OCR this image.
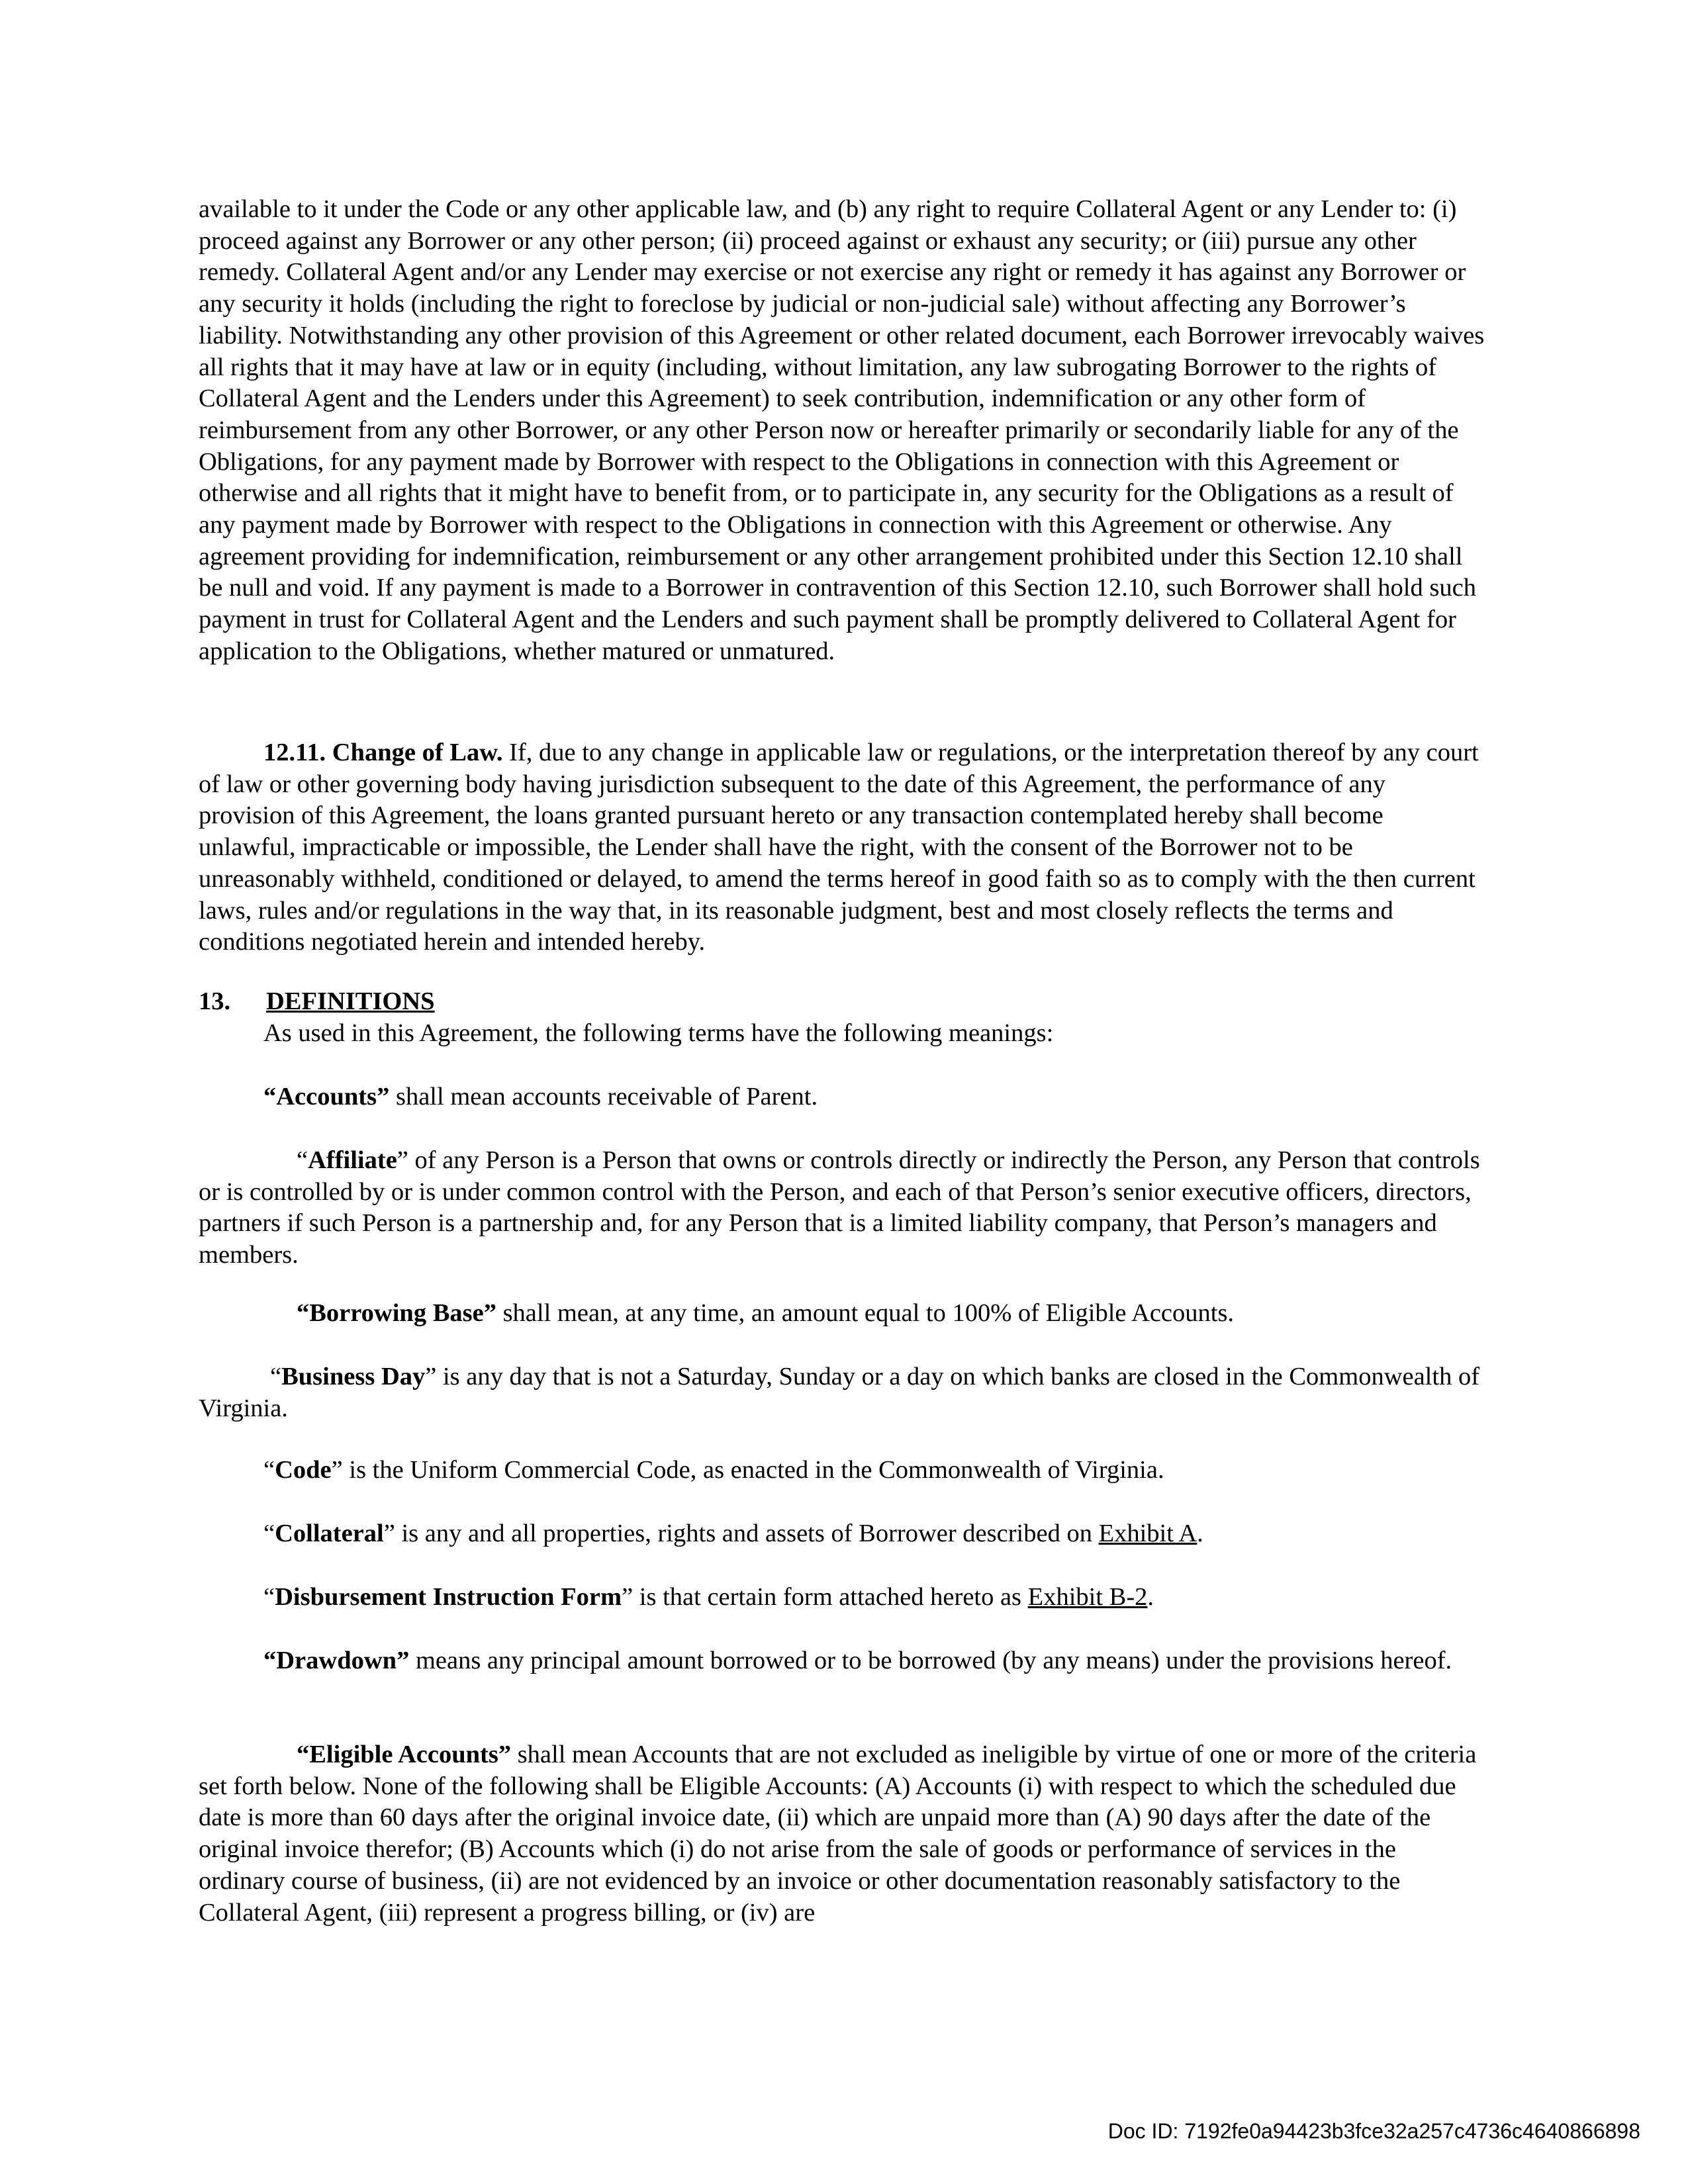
available to it under the Code or any other applicable law, and (b) any right to require Collateral Agent or any Lender to: (i) proceed against any Borrower or any other person; (ii) proceed against or exhaust any security; or (iii) pursue any other remedy. Collateral Agent and/or any Lender may exercise or not exercise any right or remedy it has against any Borrower or any security it holds (including the right to foreclose by judicial or non-judicial sale) without affecting any Borrower’s liability. Notwithstanding any other provision of this Agreement or other related document, each Borrower irrevocably waives all rights that it may have at law or in equity (including, without limitation, any law subrogating Borrower to the rights of Collateral Agent and the Lenders under this Agreement) to seek contribution, indemnification or any other form of reimbursement from any other Borrower, or any other Person now or hereafter primarily or secondarily liable for any of the Obligations, for any payment made by Borrower with respect to the Obligations in connection with this Agreement or otherwise and all rights that it might have to benefit from, or to participate in, any security for the Obligations as a result of any payment made by Borrower with respect to the Obligations in connection with this Agreement or otherwise. Any agreement providing for indemnification, reimbursement or any other arrangement prohibited under this Section 12.10 shall be null and void. If any payment is made to a Borrower in contravention of this Section 12.10, such Borrower shall hold such payment in trust for Collateral Agent and the Lenders and such payment shall be promptly delivered to Collateral Agent for application to the Obligations, whether matured or unmatured.

12.11. Change of Law. If, due to any change in applicable law or regulations, or the interpretation thereof by any court of law or other governing body having jurisdiction subsequent to the date of this Agreement, the performance of any provision of this Agreement, the loans granted pursuant hereto or any transaction contemplated hereby shall become unlawful, impracticable or impossible, the Lender shall have the right, with the consent of the Borrower not to be unreasonably withheld, conditioned or delayed, to amend the terms hereof in good faith so as to comply with the then current laws, rules and/or regulations in the way that, in its reasonable judgment, best and most closely reflects the terms and conditions negotiated herein and intended hereby.

13. DEFINITIONS

As used in this Agreement, the following terms have the following meanings:

“Accounts” shall mean accounts receivable of Parent.

“Affiliate” of any Person is a Person that owns or controls directly or indirectly the Person, any Person that controls or is controlled by or is under common control with the Person, and each of that Person’s senior executive officers, directors, partners if such Person is a partnership and, for any Person that is a limited liability company, that Person’s managers and members.

“Borrowing Base” shall mean, at any time, an amount equal to 100% of Eligible Accounts.

“Business Day” is any day that is not a Saturday, Sunday or a day on which banks are closed in the Commonwealth of Virginia.

“Code” is the Uniform Commercial Code, as enacted in the Commonwealth of Virginia.

“Collateral” is any and all properties, rights and assets of Borrower described on Exhibit A.

“Disbursement Instruction Form” is that certain form attached hereto as Exhibit B-2.

“Drawdown” means any principal amount borrowed or to be borrowed (by any means) under the provisions hereof.

“Eligible Accounts” shall mean Accounts that are not excluded as ineligible by virtue of one or more of the criteria set forth below. None of the following shall be Eligible Accounts: (A) Accounts (i) with respect to which the scheduled due date is more than 60 days after the original invoice date, (ii) which are unpaid more than (A) 90 days after the date of the original invoice therefor; (B) Accounts which (i) do not arise from the sale of goods or performance of services in the ordinary course of business, (ii) are not evidenced by an invoice or other documentation reasonably satisfactory to the Collateral Agent, (iii) represent a progress billing, or (iv) are

Doc ID: 7192fe0a94423b3fce32a257c4736c4640866898
